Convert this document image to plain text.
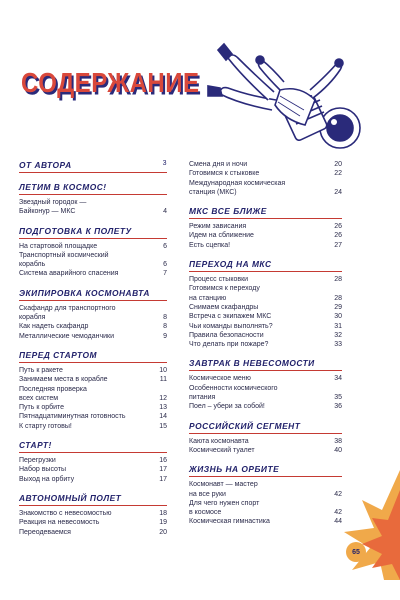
СОДЕРЖАНИЕ
ОТ АВТОРА	3
ЛЕТИМ В КОСМОС!
Звездный городок —
Байконур — МКС	4
ПОДГОТОВКА К ПОЛЕТУ
На стартовой площадке	6
Транспортный космический
корабль	6
Система аварийного спасения	7
ЭКИПИРОВКА КОСМОНАВТА
Скафандр для транспортного
корабля	8
Как надеть скафандр	8
Металлические чемоданчики	9
ПЕРЕД СТАРТОМ
Путь к ракете	10
Занимаем места в корабле	11
Последняя проверка
всех систем	12
Путь к орбите	13
Пятнадцатиминутная готовность	14
К старту готовы!	15
СТАРТ!
Перегрузки	16
Набор высоты	17
Выход на орбиту	17
АВТОНОМНЫЙ ПОЛЕТ
Знакомство с невесомостью	18
Реакция на невесомость	19
Переодеваемся	20
Смена дня и ночи	20
Готовимся к стыковке	22
Международная космическая
станция (МКС)	24
МКС ВСЕ БЛИЖЕ
Режим зависания	26
Идем на сближение	26
Есть сцепка!	27
ПЕРЕХОД НА МКС
Процесс стыковки	28
Готовимся к переходу
на станцию	28
Снимаем скафандры	29
Встреча с экипажем МКС	30
Чьи команды выполнять?	31
Правила безопасности	32
Что делать при пожаре?	33
ЗАВТРАК В НЕВЕСОМОСТИ
Космическое меню	34
Особенности космического
питания	35
Поел – убери за собой!	36
РОССИЙСКИЙ СЕГМЕНТ
Каюта космонавта	38
Космический туалет	40
ЖИЗНЬ НА ОРБИТЕ
Космонавт — мастер
на все руки	42
Для чего нужен спорт
в космосе	42
Космическая гимнастика	44
65
